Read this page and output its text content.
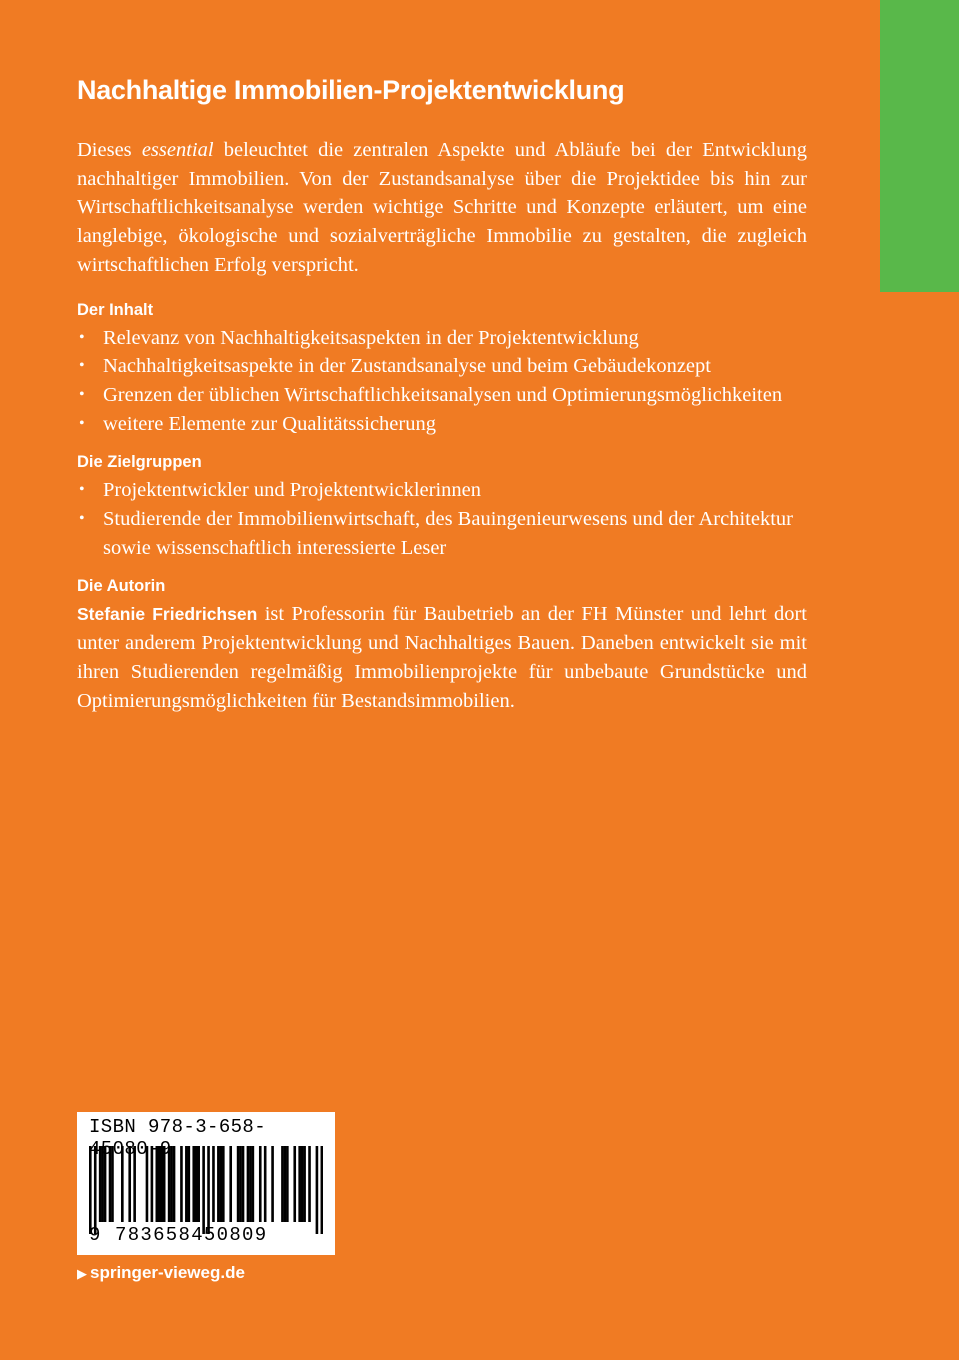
Nachhaltige Immobilien-Projektentwicklung

Dieses essential beleuchtet die zentralen Aspekte und Abläufe bei der Entwicklung nachhaltiger Immobilien. Von der Zustandsanalyse über die Projektidee bis hin zur Wirtschaftlichkeitsanalyse werden wichtige Schritte und Konzepte erläutert, um eine langlebige, ökologische und sozialverträgliche Immobilie zu gestalten, die zugleich wirtschaftlichen Erfolg verspricht.

Der Inhalt
• Relevanz von Nachhaltigkeitsaspekten in der Projektentwicklung
• Nachhaltigkeitsaspekte in der Zustandsanalyse und beim Gebäudekonzept
• Grenzen der üblichen Wirtschaftlichkeitsanalysen und Optimierungsmöglichkeiten
• weitere Elemente zur Qualitätssicherung
Die Zielgruppen
• Projektentwickler und Projektentwicklerinnen
• Studierende der Immobilienwirtschaft, des Bauingenieurwesens und der Architektur sowie wissenschaftlich interessierte Leser
Die Autorin
Stefanie Friedrichsen ist Professorin für Baubetrieb an der FH Münster und lehrt dort unter anderem Projektentwicklung und Nachhaltiges Bauen. Daneben entwickelt sie mit ihren Studierenden regelmäßig Immobilienprojekte für unbebaute Grundstücke und Optimierungsmöglichkeiten für Bestandsimmobilien.
ISBN 978-3-658- 5080-9
9 783658450809
▶ springer-vieweg.de
